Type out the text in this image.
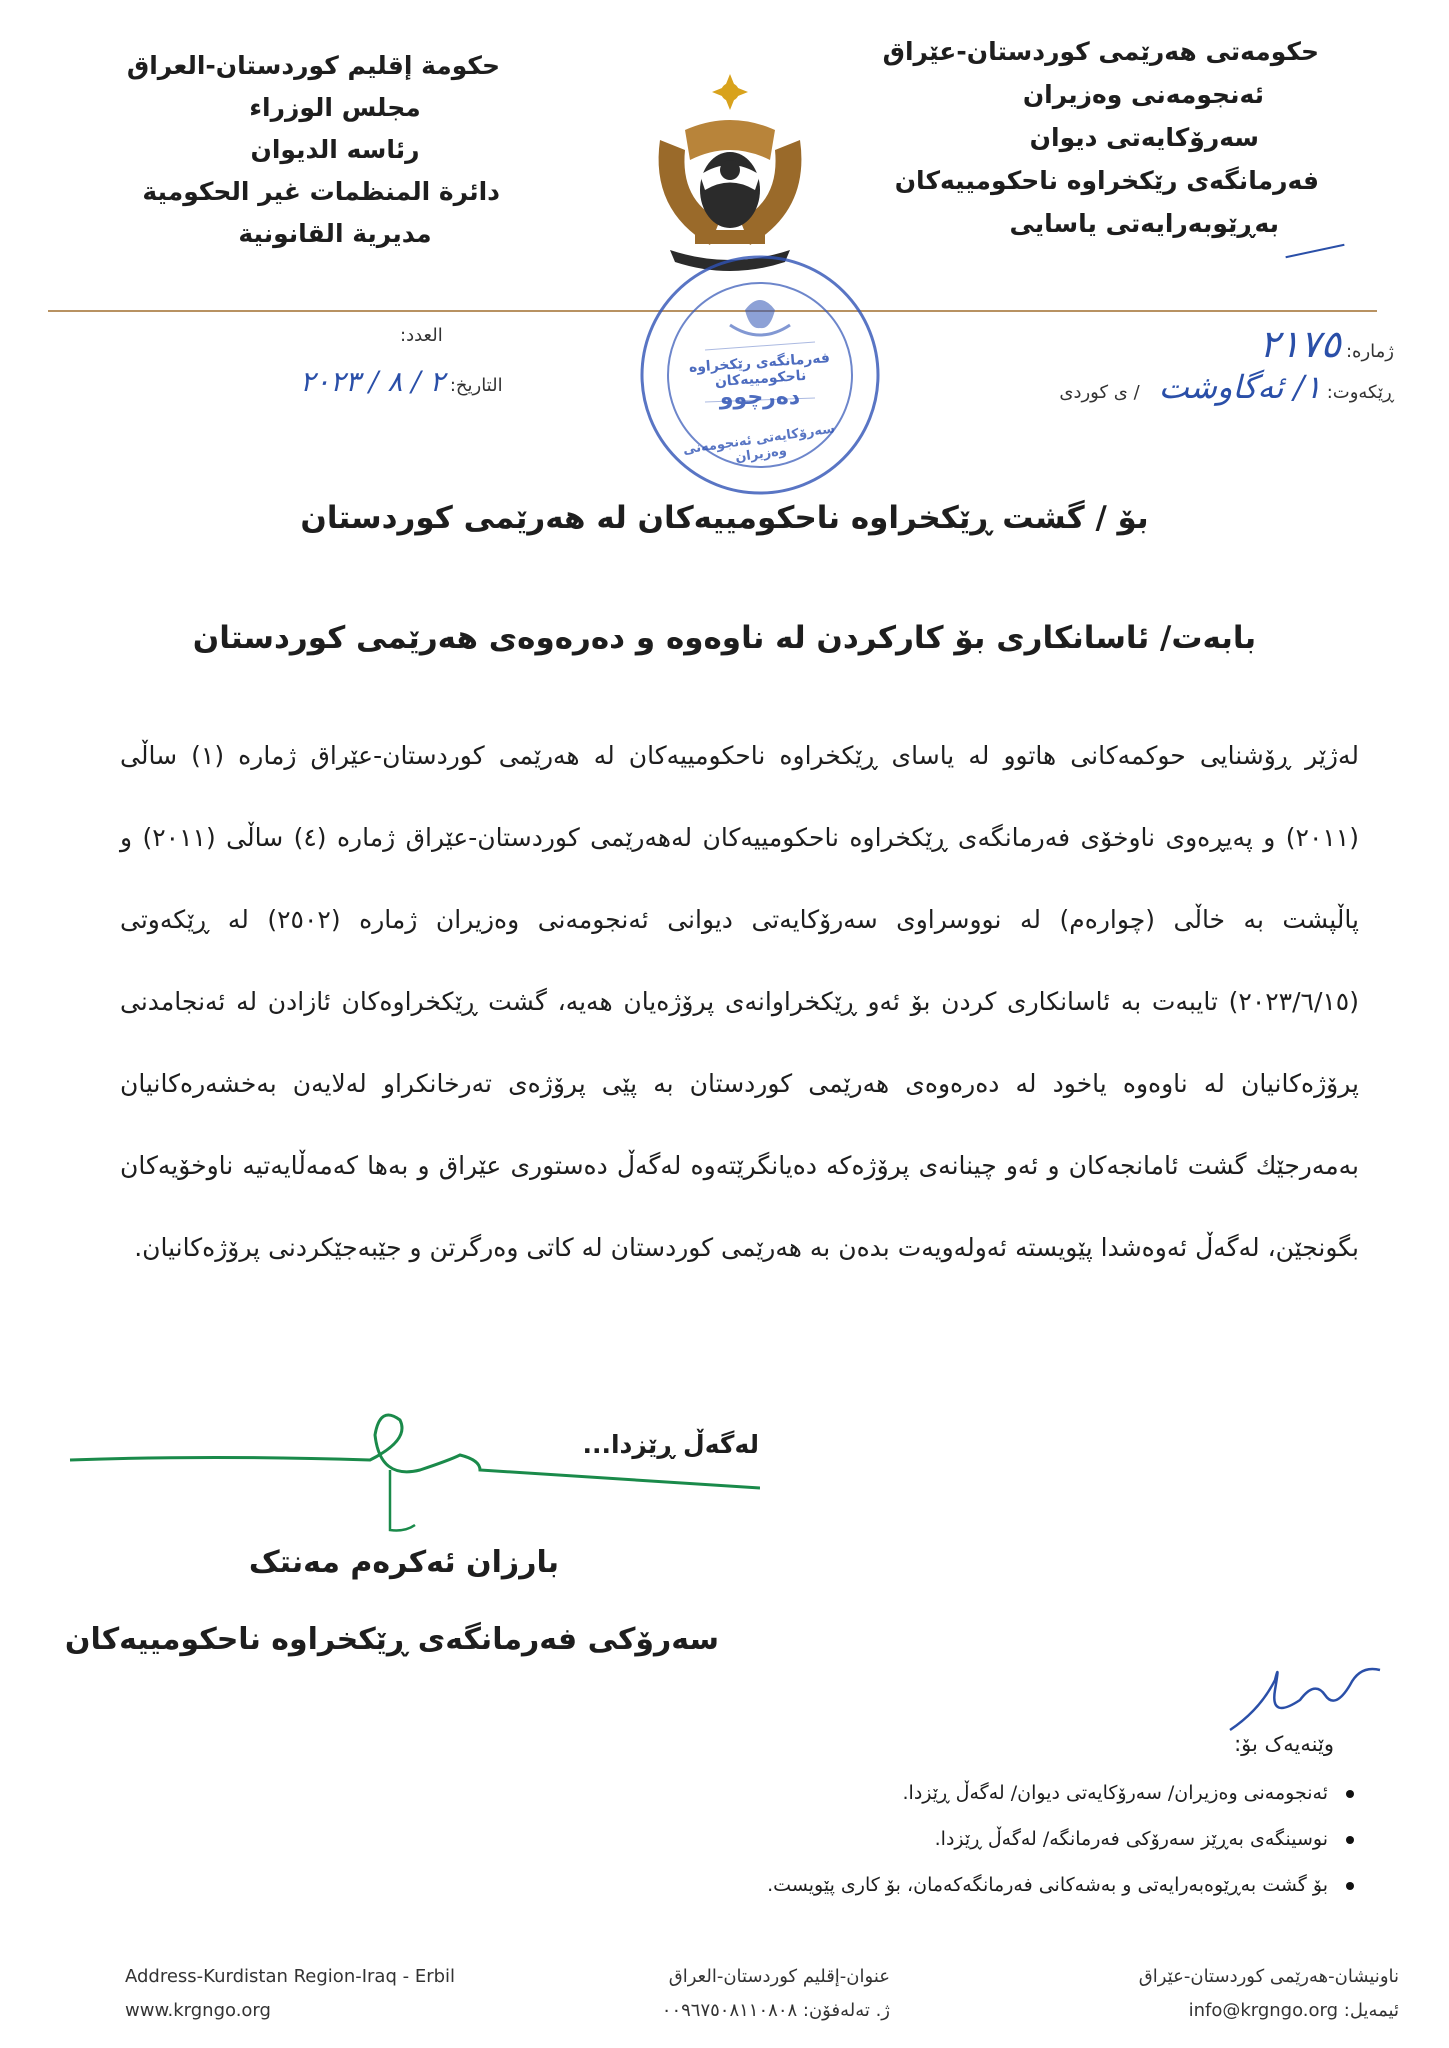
حکومەتی هەرێمی کوردستان-عێراق
ئەنجومەنی وەزیران
سەرۆکایەتی دیوان
فەرمانگەی رێکخراوە ناحکومییەکان
بەڕێوبەرایەتی یاسایی
حكومة إقليم كوردستان-العراق
مجلس الوزراء
رئاسه الديوان
دائرة المنظمات غير الحكومية
مديرية القانونية
ژمارە: ٢١٧٥
ڕێکەوت: ١/ ئەگاوشت / ی کوردی
العدد:
التاريخ: ٢ / ٨ / ٢٠٢٣
فەرمانگەی رێکخراوە ناحکومییەکان
دەرچوو
سەرۆکایەتی ئەنجومەنی وەزیران
بۆ / گشت ڕێکخراوە ناحکومییەکان لە هەرێمی کوردستان
بابەت/ ئاسانکاری بۆ کارکردن لە ناوەوە و دەرەوەی هەرێمی کوردستان
لەژێر ڕۆشنایی حوکمەکانی هاتوو لە یاسای ڕێکخراوە ناحکومییەکان لە هەرێمی کوردستان-عێراق ژمارە (١) ساڵی (٢٠١١) و پەیڕەوی ناوخۆی فەرمانگەی ڕێکخراوە ناحکومییەکان لەهەرێمی کوردستان-عێراق ژمارە (٤) ساڵی (٢٠١١) و پاڵپشت بە خاڵی (چوارەم) لە نووسراوی سەرۆکایەتی دیوانی ئەنجومەنی وەزیران ژمارە (٢٥٠٢) لە ڕێکەوتی (٢٠٢٣/٦/١٥) تایبەت بە ئاسانکاری کردن بۆ ئەو ڕێکخراوانەی پرۆژەیان هەیە، گشت ڕێکخراوەکان ئازادن لە ئەنجامدنی پرۆژەکانیان لە ناوەوە یاخود لە دەرەوەی هەرێمی کوردستان بە پێی پرۆژەی تەرخانکراو لەلایەن بەخشەرەکانیان بەمەرجێك گشت ئامانجەکان و ئەو چینانەی پرۆژەکە دەیانگرێتەوە لەگەڵ دەستوری عێراق و بەها کەمەڵایەتیە ناوخۆیەکان بگونجێن، لەگەڵ ئەوەشدا پێویستە ئەولەویەت بدەن بە هەرێمی کوردستان لە کاتی وەرگرتن و جێبەجێکردنی پرۆژەکانیان.
لەگەڵ ڕێزدا...
بارزان ئەکرەم مەنتک
سەرۆکی فەرمانگەی ڕێکخراوە ناحکومییەکان
وێنەیەک بۆ:
ئەنجومەنی وەزیران/ سەرۆکایەتی دیوان/ لەگەڵ ڕێزدا.
نوسینگەی بەڕێز سەرۆکی فەرمانگە/ لەگەڵ ڕێزدا.
بۆ گشت بەڕێوەبەرایەتی و بەشەکانی فەرمانگەکەمان، بۆ کاری پێویست.
Address-Kurdistan Region-Iraq - Erbil
www.krgngo.org
عنوان-إقليم كوردستان-العراق
ژ. تەلەفۆن: ٠٠٩٦٧٥٠٨١١٠٨٠٨
ناونیشان-هەرێمی کوردستان-عێراق
ئیمەیل: info@krgngo.org
